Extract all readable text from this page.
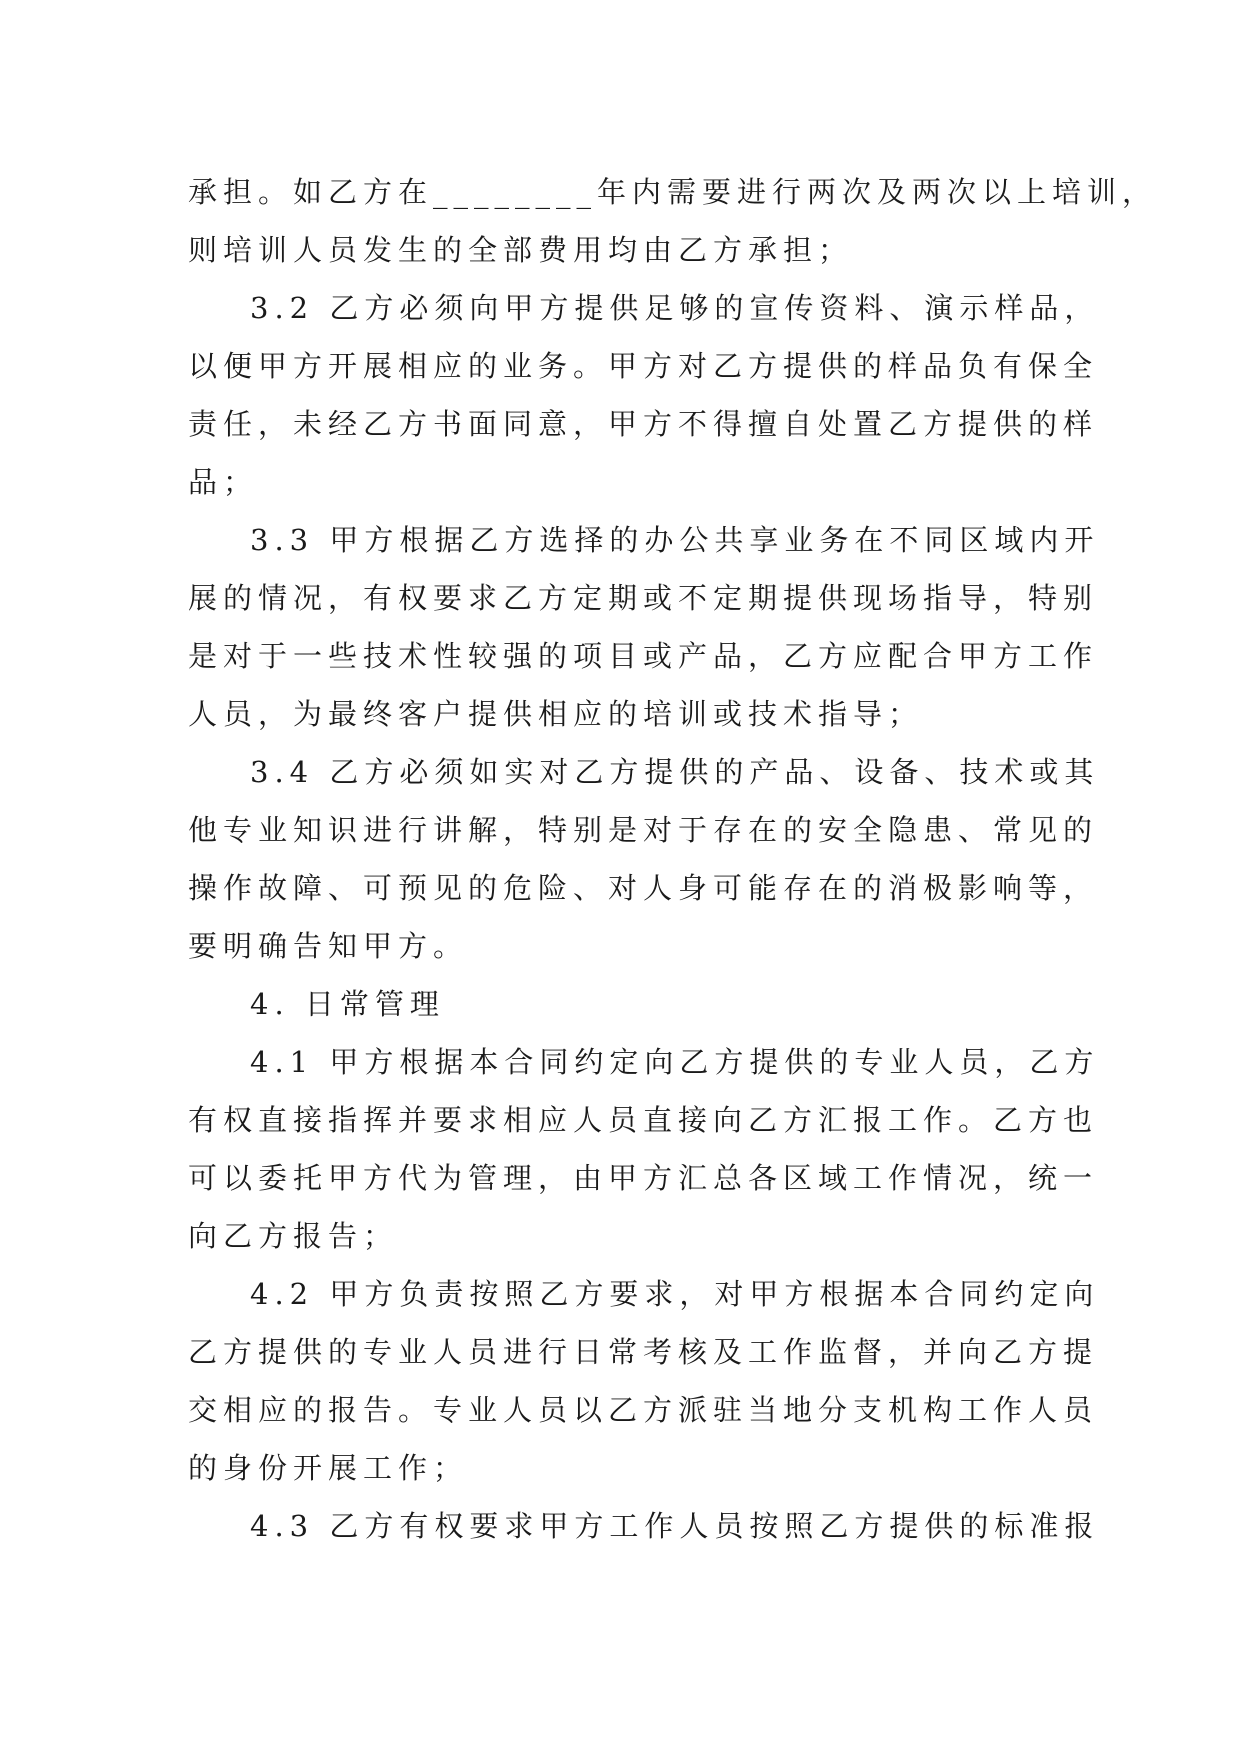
承担。如乙方在________年内需要进行两次及两次以上培训，
则培训人员发生的全部费用均由乙方承担；
3.2 乙方必须向甲方提供足够的宣传资料、演示样品，
以便甲方开展相应的业务。甲方对乙方提供的样品负有保全
责任，未经乙方书面同意，甲方不得擅自处置乙方提供的样
品；
3.3 甲方根据乙方选择的办公共享业务在不同区域内开
展的情况，有权要求乙方定期或不定期提供现场指导，特别
是对于一些技术性较强的项目或产品，乙方应配合甲方工作
人员，为最终客户提供相应的培训或技术指导；
3.4 乙方必须如实对乙方提供的产品、设备、技术或其
他专业知识进行讲解，特别是对于存在的安全隐患、常见的
操作故障、可预见的危险、对人身可能存在的消极影响等，
要明确告知甲方。
4. 日常管理
4.1 甲方根据本合同约定向乙方提供的专业人员，乙方
有权直接指挥并要求相应人员直接向乙方汇报工作。乙方也
可以委托甲方代为管理，由甲方汇总各区域工作情况，统一
向乙方报告；
4.2 甲方负责按照乙方要求，对甲方根据本合同约定向
乙方提供的专业人员进行日常考核及工作监督，并向乙方提
交相应的报告。专业人员以乙方派驻当地分支机构工作人员
的身份开展工作；
4.3 乙方有权要求甲方工作人员按照乙方提供的标准报
